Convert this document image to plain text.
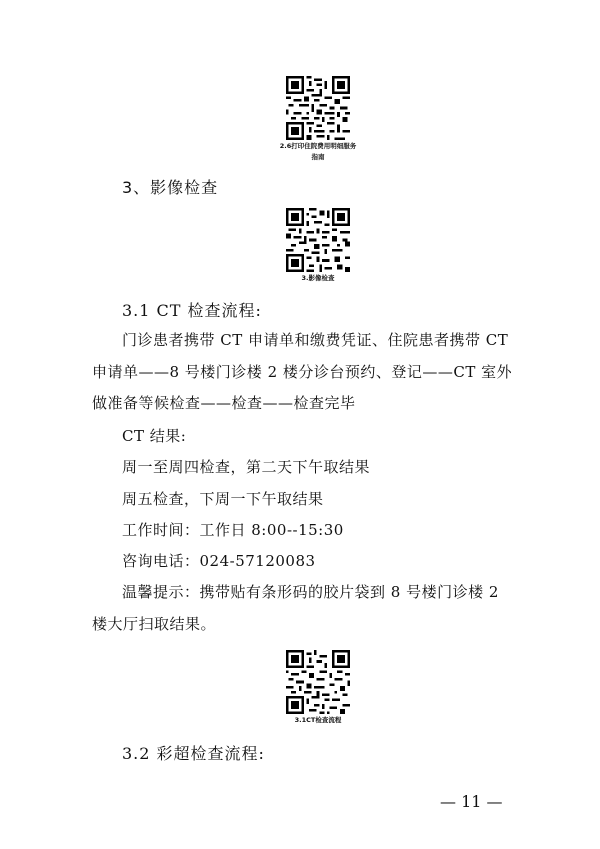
2.6打印住院费用明细服务
指南
3、影像检查
3.影像检查
3.1 CT 检查流程:
门诊患者携带 CT 申请单和缴费凭证、住院患者携带 CT
申请单——8 号楼门诊楼 2 楼分诊台预约、登记——CT 室外
做准备等候检查——检查——检查完毕
CT 结果:
周一至周四检查，第二天下午取结果
周五检查，下周一下午取结果
工作时间：工作日 8:00--15:30
咨询电话：024-57120083
温馨提示：携带贴有条形码的胶片袋到 8 号楼门诊楼 2
楼大厅扫取结果。
3.1CT检查流程
3.2 彩超检查流程:
— 11 —
